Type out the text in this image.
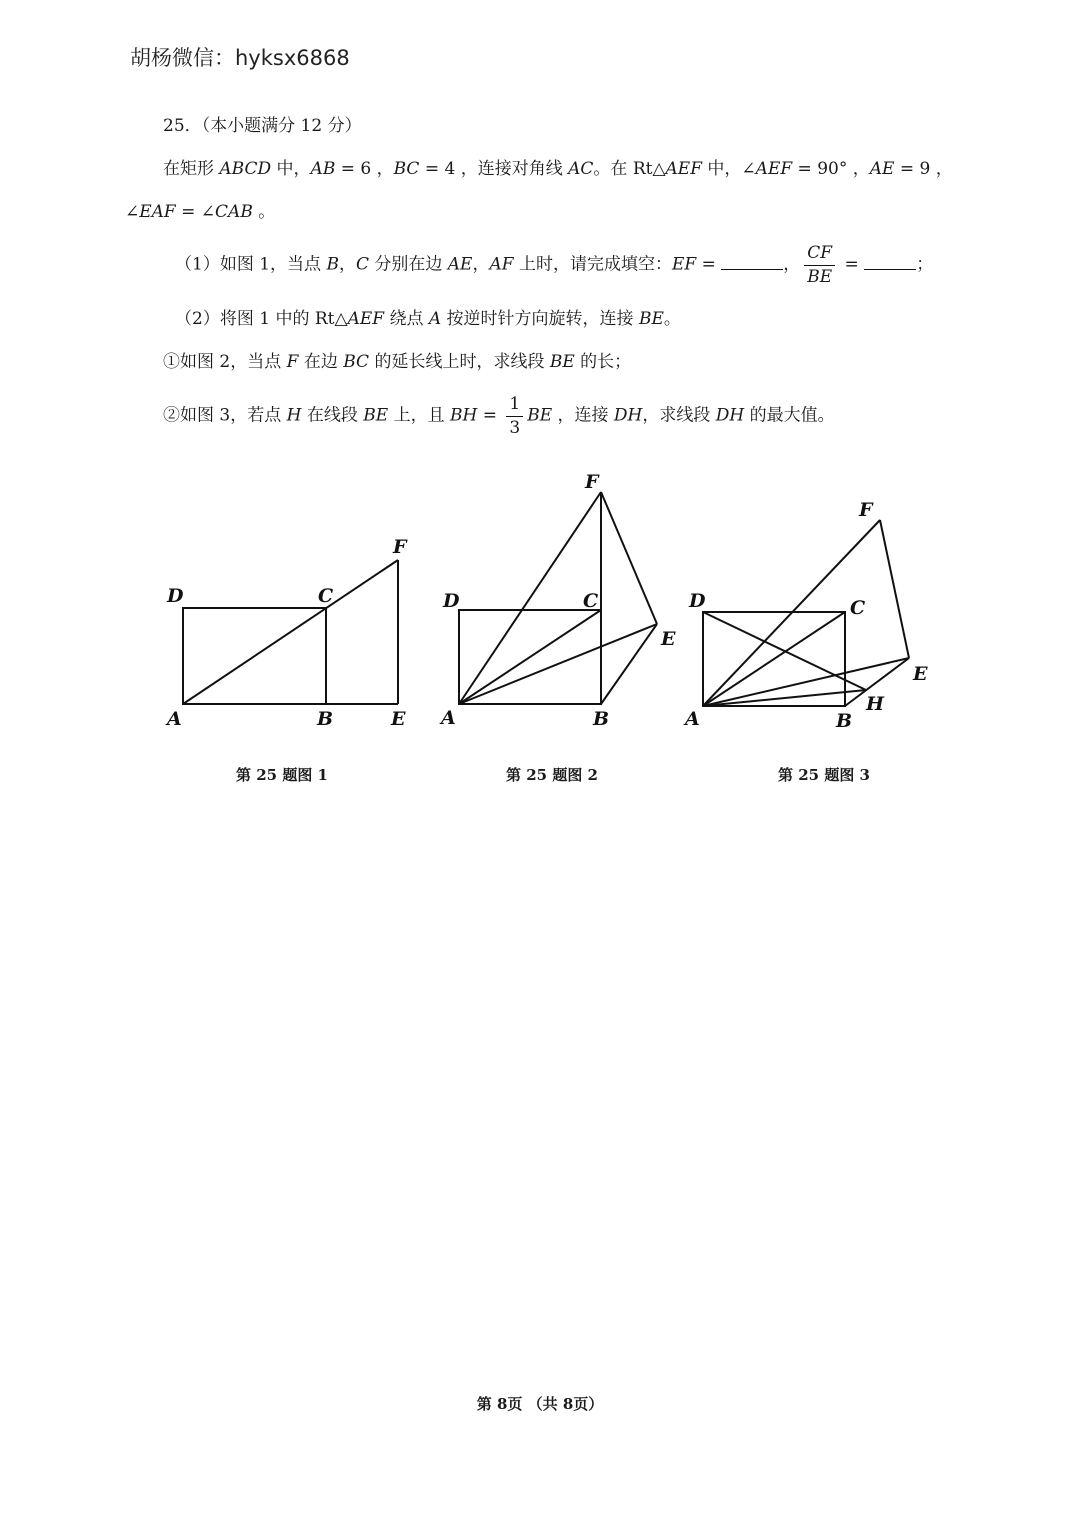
胡杨微信：hyksx6868
25．（本小题满分 12 分）
在矩形 ABCD 中，AB = 6 ，BC = 4 ，连接对角线 AC。在 Rt△AEF 中，∠AEF = 90° ，AE = 9 ，
∠EAF = ∠CAB 。
（1）如图 1，当点 B，C 分别在边 AE，AF 上时，请完成填空：EF =	， $\frac{CF}{BE}$ =	；
（2）将图 1 中的 Rt△AEF 绕点 A 按逆时针方向旋转，连接 BE。
①如图 2，当点 F 在边 BC 的延长线上时，求线段 BE 的长；
②如图 3，若点 H 在线段 BE 上，且 BH = $\frac{1}{3}$ BE ，连接 DH，求线段 DH 的最大值。
A	B
C
D
E
F
A	B
C
D
E
F
A	B
C
D
E
F
H
第 25 题图 1	第 25 题图 2	第 25 题图 3
第 8页 （共 8页）
